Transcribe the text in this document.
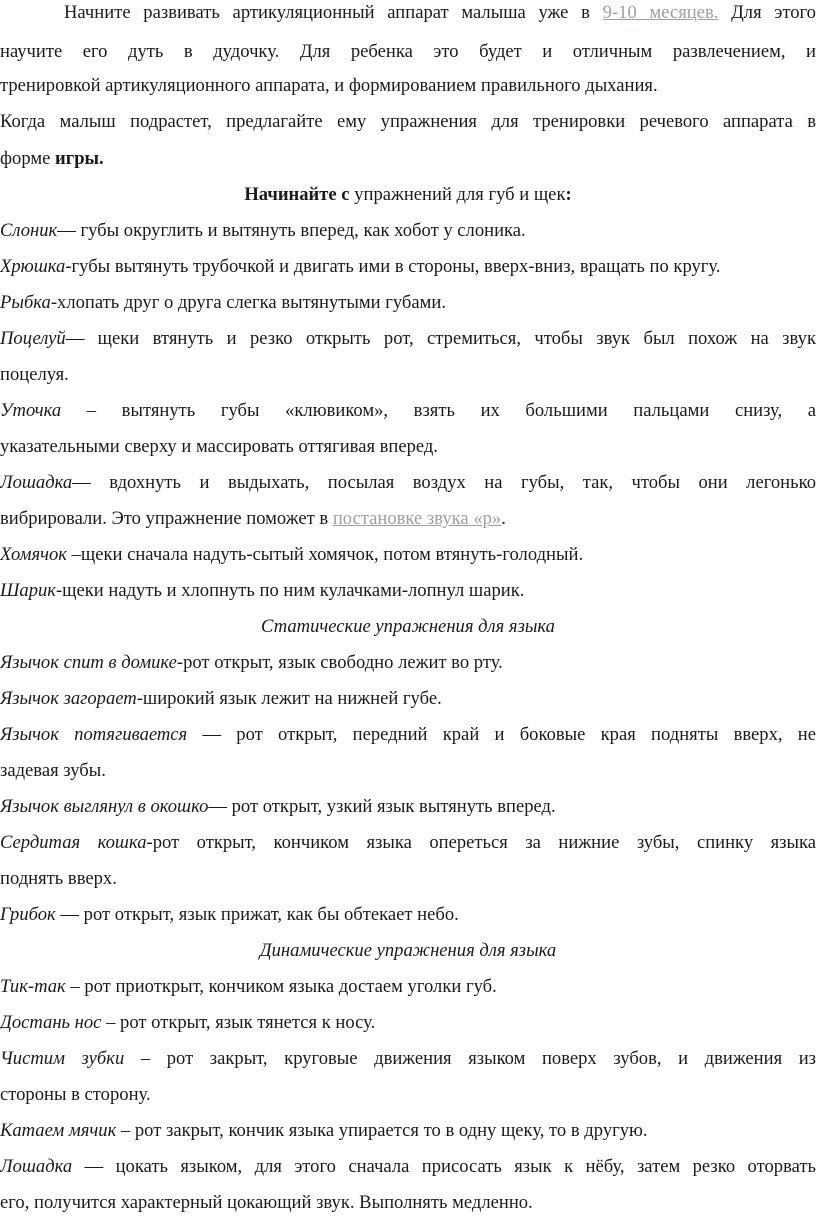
Начните развивать артикуляционный аппарат малыша уже в 9-10 месяцев. Для этого
научите его дуть в дудочку. Для ребенка это будет и отличным развлечением, и
тренировкой артикуляционного аппарата, и формированием правильного дыхания.
Когда малыш подрастет, предлагайте ему упражнения для тренировки речевого аппарата в
форме игры.
Начинайте с упражнений для губ и щек:
Слоник— губы округлить и вытянуть вперед, как хобот у слоника.
Хрюшка-губы вытянуть трубочкой и двигать ими в стороны, вверх-вниз, вращать по кругу.
Рыбка-хлопать друг о друга слегка вытянутыми губами.
Поцелуй— щеки втянуть и резко открыть рот, стремиться, чтобы звук был похож на звук
поцелуя.
Уточка – вытянуть губы «клювиком», взять их большими пальцами снизу, а
указательными сверху и массировать оттягивая вперед.
Лошадка— вдохнуть и выдыхать, посылая воздух на губы, так, чтобы они легонько
вибрировали. Это упражнение поможет в постановке звука «р».
Хомячок –щеки сначала надуть-сытый хомячок, потом втянуть-голодный.
Шарик-щеки надуть и хлопнуть по ним кулачками-лопнул шарик.
Статические упражнения для языка
Язычок спит в домике-рот открыт, язык свободно лежит во рту.
Язычок загорает-широкий язык лежит на нижней губе.
Язычок потягивается — рот открыт, передний край и боковые края подняты вверх, не
задевая зубы.
Язычок выглянул в окошко— рот открыт, узкий язык вытянуть вперед.
Сердитая кошка-рот открыт, кончиком языка опереться за нижние зубы, спинку языка
поднять вверх.
Грибок — рот открыт, язык прижат, как бы обтекает небо.
Динамические упражнения для языка
Тик-так – рот приоткрыт, кончиком языка достаем уголки губ.
Достань нос – рот открыт, язык тянется к носу.
Чистим зубки – рот закрыт, круговые движения языком поверх зубов, и движения из
стороны в сторону.
Катаем мячик – рот закрыт, кончик языка упирается то в одну щеку, то в другую.
Лошадка — цокать языком, для этого сначала присосать язык к нёбу, затем резко оторвать
его, получится характерный цокающий звук. Выполнять медленно.
